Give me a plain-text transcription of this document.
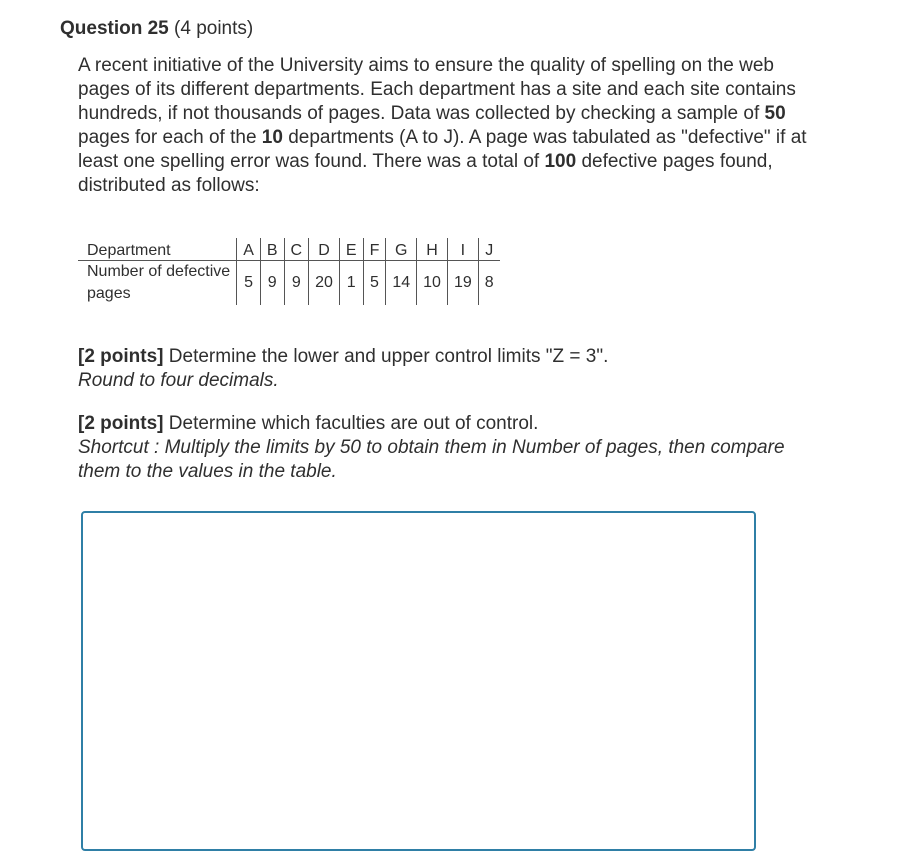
Question 25 (4 points)
A recent initiative of the University aims to ensure the quality of spelling on the web pages of its different departments. Each department has a site and each site contains hundreds, if not thousands of pages. Data was collected by checking a sample of 50 pages for each of the 10 departments (A to J). A page was tabulated as "defective" if at least one spelling error was found. There was a total of 100 defective pages found, distributed as follows:
Department	A	B	C	D	E	F	G	H	I	J
Number of defective
pages	5	9	9	20	1	5	14	10	19	8
[2 points] Determine the lower and upper control limits "Z = 3".
Round to four decimals.
[2 points] Determine which faculties are out of control.
Shortcut : Multiply the limits by 50 to obtain them in Number of pages, then compare them to the values in the table.
